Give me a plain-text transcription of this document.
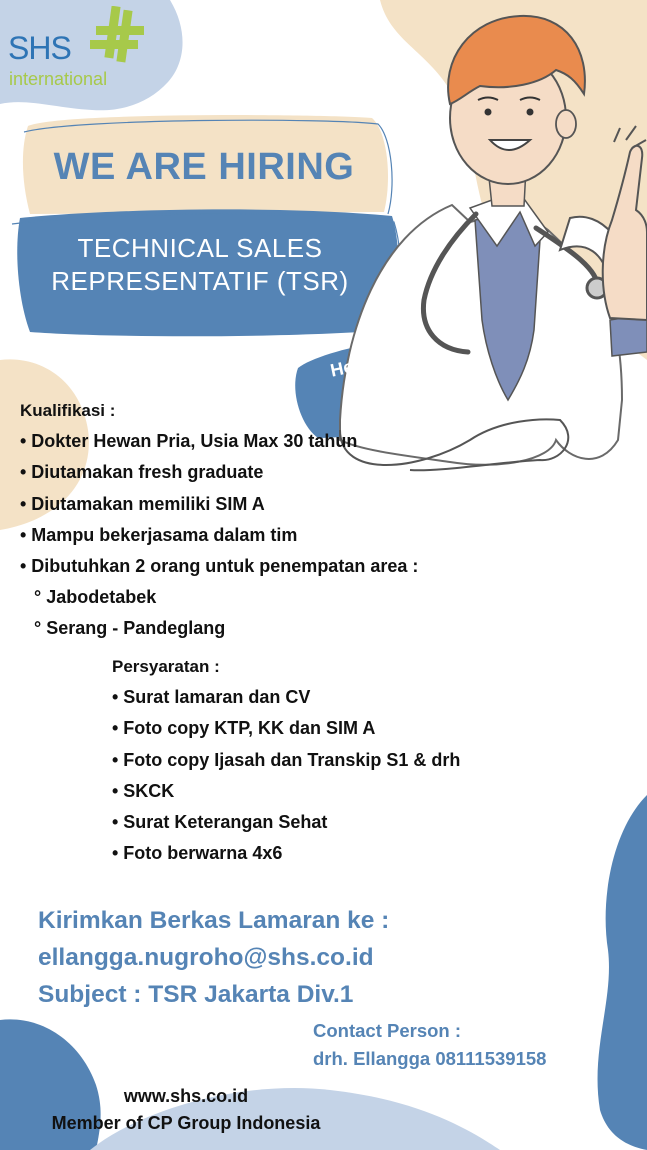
SHS
international
WE ARE HIRING
TECHNICAL SALES
REPRESENTATIF (TSR)
Head Office :
Jakarta
Kualifikasi :
• Dokter Hewan Pria, Usia Max 30 tahun
• Diutamakan fresh graduate
• Diutamakan memiliki SIM A
• Mampu bekerjasama dalam tim
• Dibutuhkan 2 orang untuk penempatan area :
° Jabodetabek
° Serang - Pandeglang
Persyaratan :
• Surat lamaran dan CV
• Foto copy KTP, KK dan SIM A
• Foto copy Ijasah dan Transkip S1 & drh
• SKCK
• Surat Keterangan Sehat
• Foto berwarna 4x6
Kirimkan Berkas Lamaran ke :
ellangga.nugroho@shs.co.id
Subject : TSR Jakarta Div.1
Contact Person :
drh. Ellangga 08111539158
www.shs.co.id
Member of CP Group Indonesia
